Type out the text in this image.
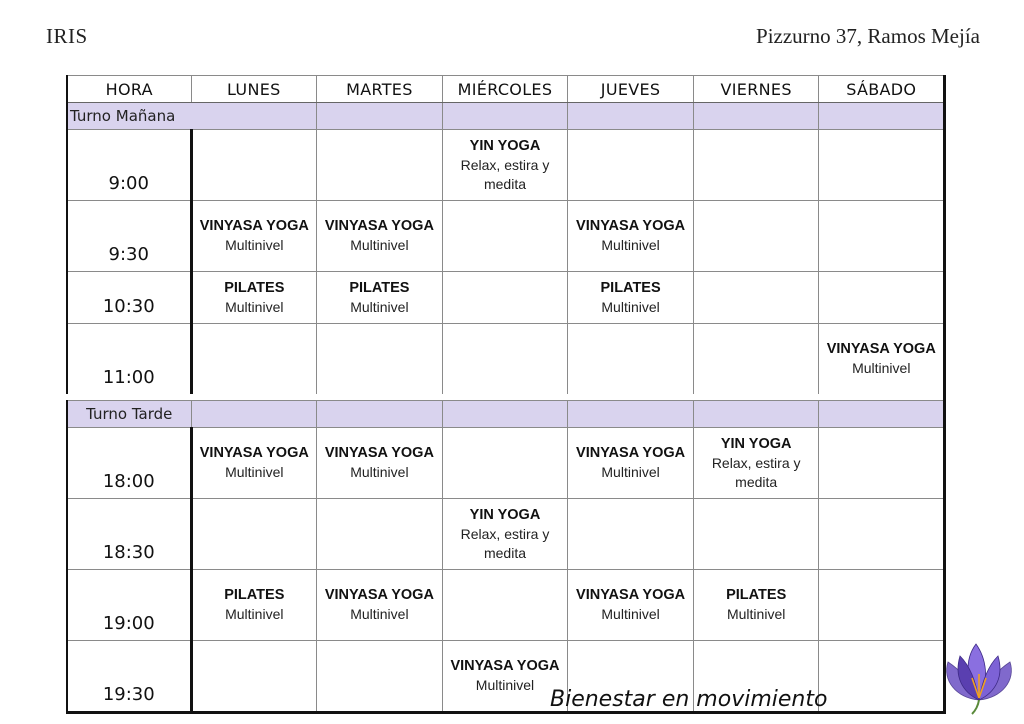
IRIS	Pizzurno 37, Ramos Mejía
HORA	LUNES	MARTES	MIÉRCOLES	JUEVES	VIERNES	SÁBADO
Turno Mañana						
9:00			YIN YOGA
Relax, estira y medita			

9:30	VINYASA YOGA
Multinivel	VINYASA YOGA
Multinivel		VINYASA YOGA
Multinivel		

10:30	PILATES
Multinivel	PILATES
Multinivel		PILATES
Multinivel		

11:00						VINYASA YOGA
Multinivel

Turno Tarde						
18:00	VINYASA YOGA
Multinivel	VINYASA YOGA
Multinivel		VINYASA YOGA
Multinivel	YIN YOGA
Relax, estira y medita	

18:30			YIN YOGA
Relax, estira y medita			

19:00	PILATES
Multinivel	VINYASA YOGA
Multinivel		VINYASA YOGA
Multinivel	PILATES
Multinivel	

19:30			VINYASA YOGA
Multinivel			

Bienestar en movimiento
